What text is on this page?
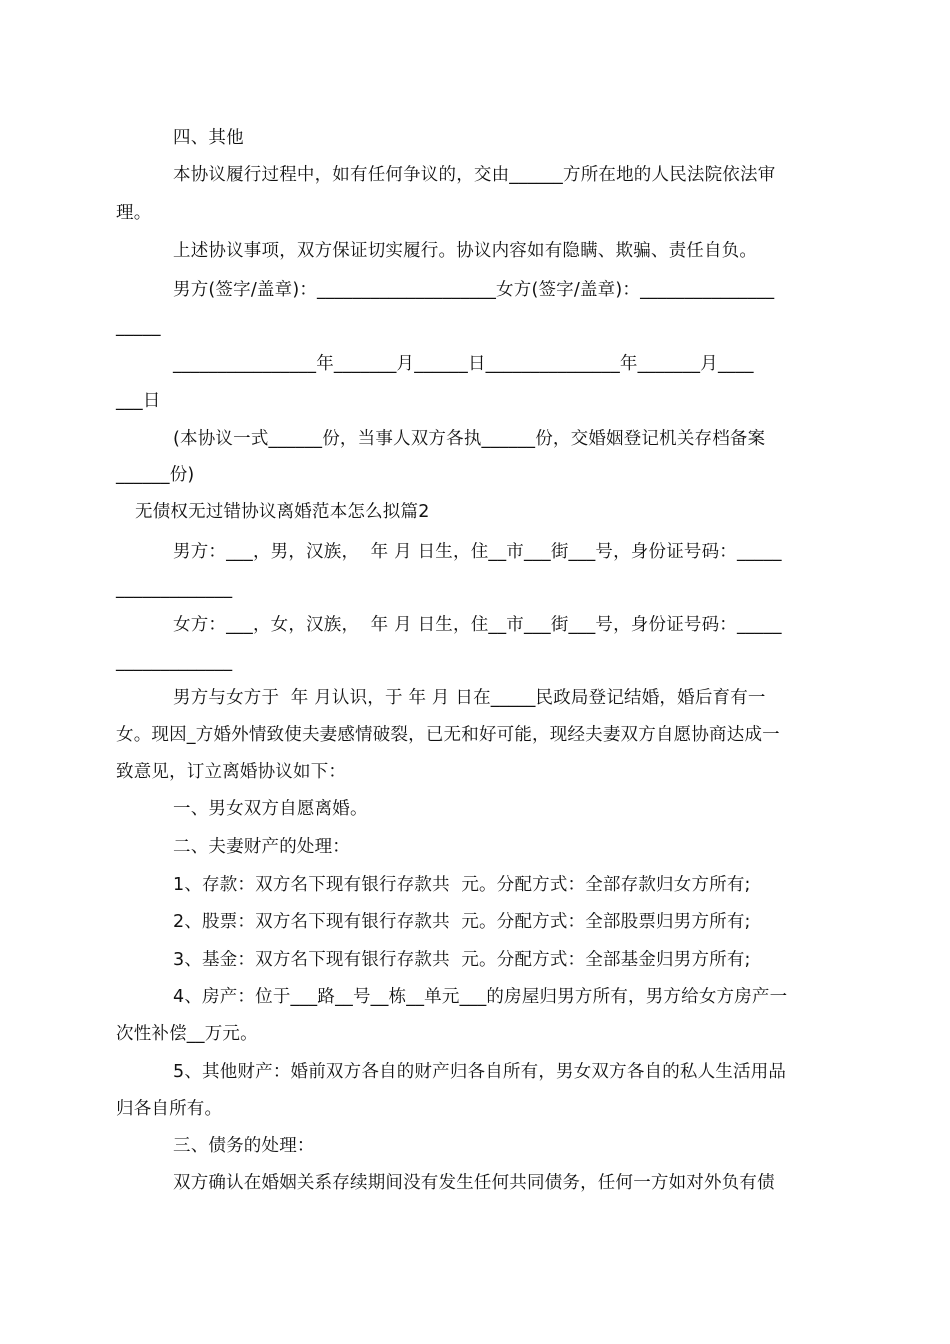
四、其他
本协议履行过程中，如有任何争议的，交由______方所在地的人民法院依法审
理。
上述协议事项，双方保证切实履行。协议内容如有隐瞒、欺骗、责任自负。
男方(签字/盖章)：____________________女方(签字/盖章)：_______________
_____
________________年_______月______日_______________年_______月____
___日
(本协议一式______份，当事人双方各执______份，交婚姻登记机关存档备案
______份)
无债权无过错协议离婚范本怎么拟篇2
男方：___，男，汉族，  年 月 日生，住__市___街___号，身份证号码：_____
_____________
女方：___，女，汉族，  年 月 日生，住__市___街___号，身份证号码：_____
_____________
男方与女方于  年 月认识，于 年 月 日在_____民政局登记结婚，婚后育有一
女。现因_方婚外情致使夫妻感情破裂，已无和好可能，现经夫妻双方自愿协商达成一
致意见，订立离婚协议如下：
一、男女双方自愿离婚。
二、夫妻财产的处理：
1、存款：双方名下现有银行存款共  元。分配方式：全部存款归女方所有;
2、股票：双方名下现有银行存款共  元。分配方式：全部股票归男方所有;
3、基金：双方名下现有银行存款共  元。分配方式：全部基金归男方所有;
4、房产：位于___路__号__栋__单元___的房屋归男方所有，男方给女方房产一
次性补偿__万元。
5、其他财产：婚前双方各自的财产归各自所有，男女双方各自的私人生活用品
归各自所有。
三、债务的处理：
双方确认在婚姻关系存续期间没有发生任何共同债务，任何一方如对外负有债
